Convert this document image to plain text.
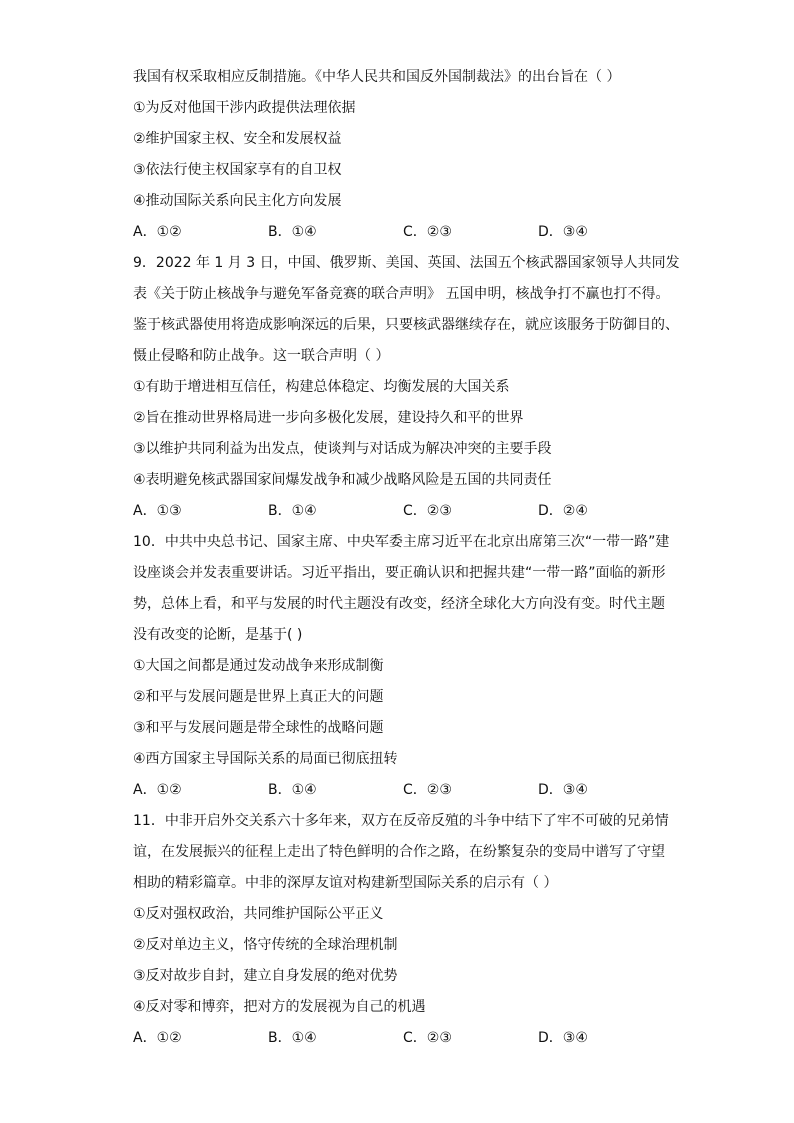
我国有权采取相应反制措施。《中华人民共和国反外国制裁法》的出台旨在（ ）
①为反对他国干涉内政提供法理依据
②维护国家主权、安全和发展权益
③依法行使主权国家享有的自卫权
④推动国际关系向民主化方向发展
A．①②	B．①④	C．②③	D．③④
9．2022 年 1 月 3 日，中国、俄罗斯、美国、英国、法国五个核武器国家领导人共同发
表《关于防止核战争与避免军备竞赛的联合声明》 五国申明，核战争打不赢也打不得。
鉴于核武器使用将造成影响深远的后果，只要核武器继续存在，就应该服务于防御目的、
慑止侵略和防止战争。这一联合声明（ ）
①有助于增进相互信任，构建总体稳定、均衡发展的大国关系
②旨在推动世界格局进一步向多极化发展，建设持久和平的世界
③以维护共同利益为出发点，使谈判与对话成为解决冲突的主要手段
④表明避免核武器国家间爆发战争和减少战略风险是五国的共同责任
A．①③	B．①④	C．②③	D．②④
10．中共中央总书记、国家主席、中央军委主席习近平在北京出席第三次“一带一路”建
设座谈会并发表重要讲话。习近平指出，要正确认识和把握共建“一带一路”面临的新形
势，总体上看，和平与发展的时代主题没有改变，经济全球化大方向没有变。时代主题
没有改变的论断，是基于( )
①大国之间都是通过发动战争来形成制衡
②和平与发展问题是世界上真正大的问题
③和平与发展问题是带全球性的战略问题
④西方国家主导国际关系的局面已彻底扭转
A．①②	B．①④	C．②③	D．③④
11．中非开启外交关系六十多年来，双方在反帝反殖的斗争中结下了牢不可破的兄弟情
谊，在发展振兴的征程上走出了特色鲜明的合作之路，在纷繁复杂的变局中谱写了守望
相助的精彩篇章。中非的深厚友谊对构建新型国际关系的启示有（ ）
①反对强权政治，共同维护国际公平正义
②反对单边主义，恪守传统的全球治理机制
③反对故步自封，建立自身发展的绝对优势
④反对零和博弈，把对方的发展视为自己的机遇
A．①②	B．①④	C．②③	D．③④
